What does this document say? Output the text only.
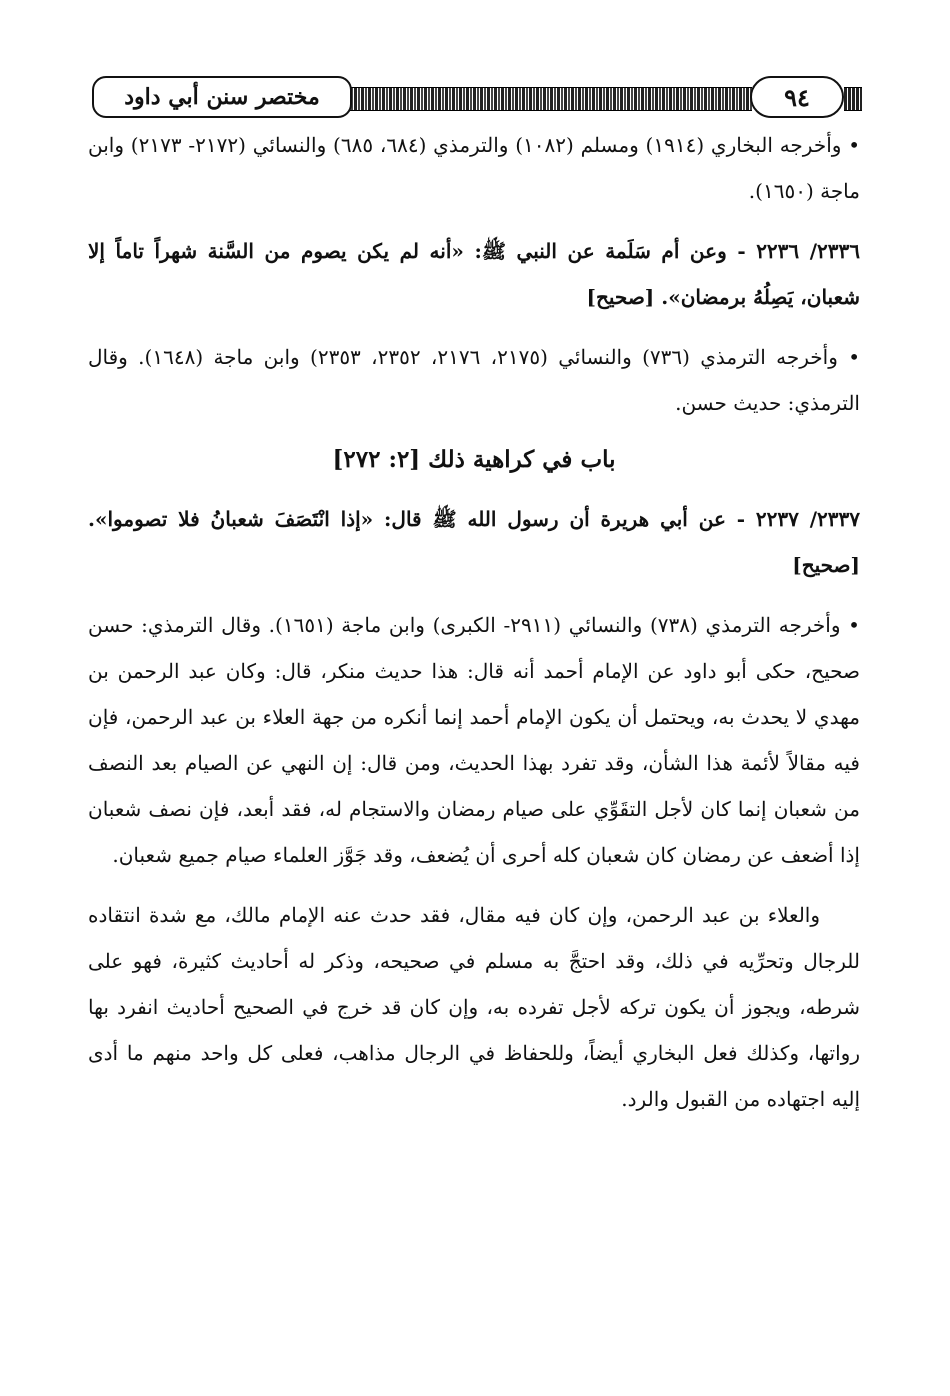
مختصر سنن أبي داود	٩٤

• وأخرجه البخاري (١٩١٤) ومسلم (١٠٨٢) والترمذي (٦٨٤، ٦٨٥) والنسائي (٢١٧٢- ٢١٧٣) وابن ماجة (١٦٥٠).

٢٣٣٦/ ٢٢٣٦ - وعن أم سَلَمة عن النبي ﷺ: «أنه لم يكن يصوم من السَّنة شهراً تاماً إلا شعبان، يَصِلُهُ برمضان». [صحيح]

• وأخرجه الترمذي (٧٣٦) والنسائي (٢١٧٥، ٢١٧٦، ٢٣٥٢، ٢٣٥٣) وابن ماجة (١٦٤٨). وقال الترمذي: حديث حسن.

باب في كراهية ذلك [٢: ٢٧٢]

٢٣٣٧/ ٢٢٣٧ - عن أبي هريرة أن رسول الله ﷺ قال: «إذا انْتَصَفَ شعبانُ فلا تصوموا». [صحيح]

• وأخرجه الترمذي (٧٣٨) والنسائي (٢٩١١- الكبرى) وابن ماجة (١٦٥١). وقال الترمذي: حسن صحيح، حكى أبو داود عن الإمام أحمد أنه قال: هذا حديث منكر، قال: وكان عبد الرحمن بن مهدي لا يحدث به، ويحتمل أن يكون الإمام أحمد إنما أنكره من جهة العلاء بن عبد الرحمن، فإن فيه مقالاً لأئمة هذا الشأن، وقد تفرد بهذا الحديث، ومن قال: إن النهي عن الصيام بعد النصف من شعبان إنما كان لأجل التقَوِّي على صيام رمضان والاستجام له، فقد أبعد، فإن نصف شعبان إذا أضعف عن رمضان كان شعبان كله أحرى أن يُضعف، وقد جَوَّز العلماء صيام جميع شعبان.

والعلاء بن عبد الرحمن، وإن كان فيه مقال، فقد حدث عنه الإمام مالك، مع شدة انتقاده للرجال وتحرِّيه في ذلك، وقد احتجَّ به مسلم في صحيحه، وذكر له أحاديث كثيرة، فهو على شرطه، ويجوز أن يكون تركه لأجل تفرده به، وإن كان قد خرج في الصحيح أحاديث انفرد بها رواتها، وكذلك فعل البخاري أيضاً، وللحفاظ في الرجال مذاهب، فعلى كل واحد منهم ما أدى إليه اجتهاده من القبول والرد.
